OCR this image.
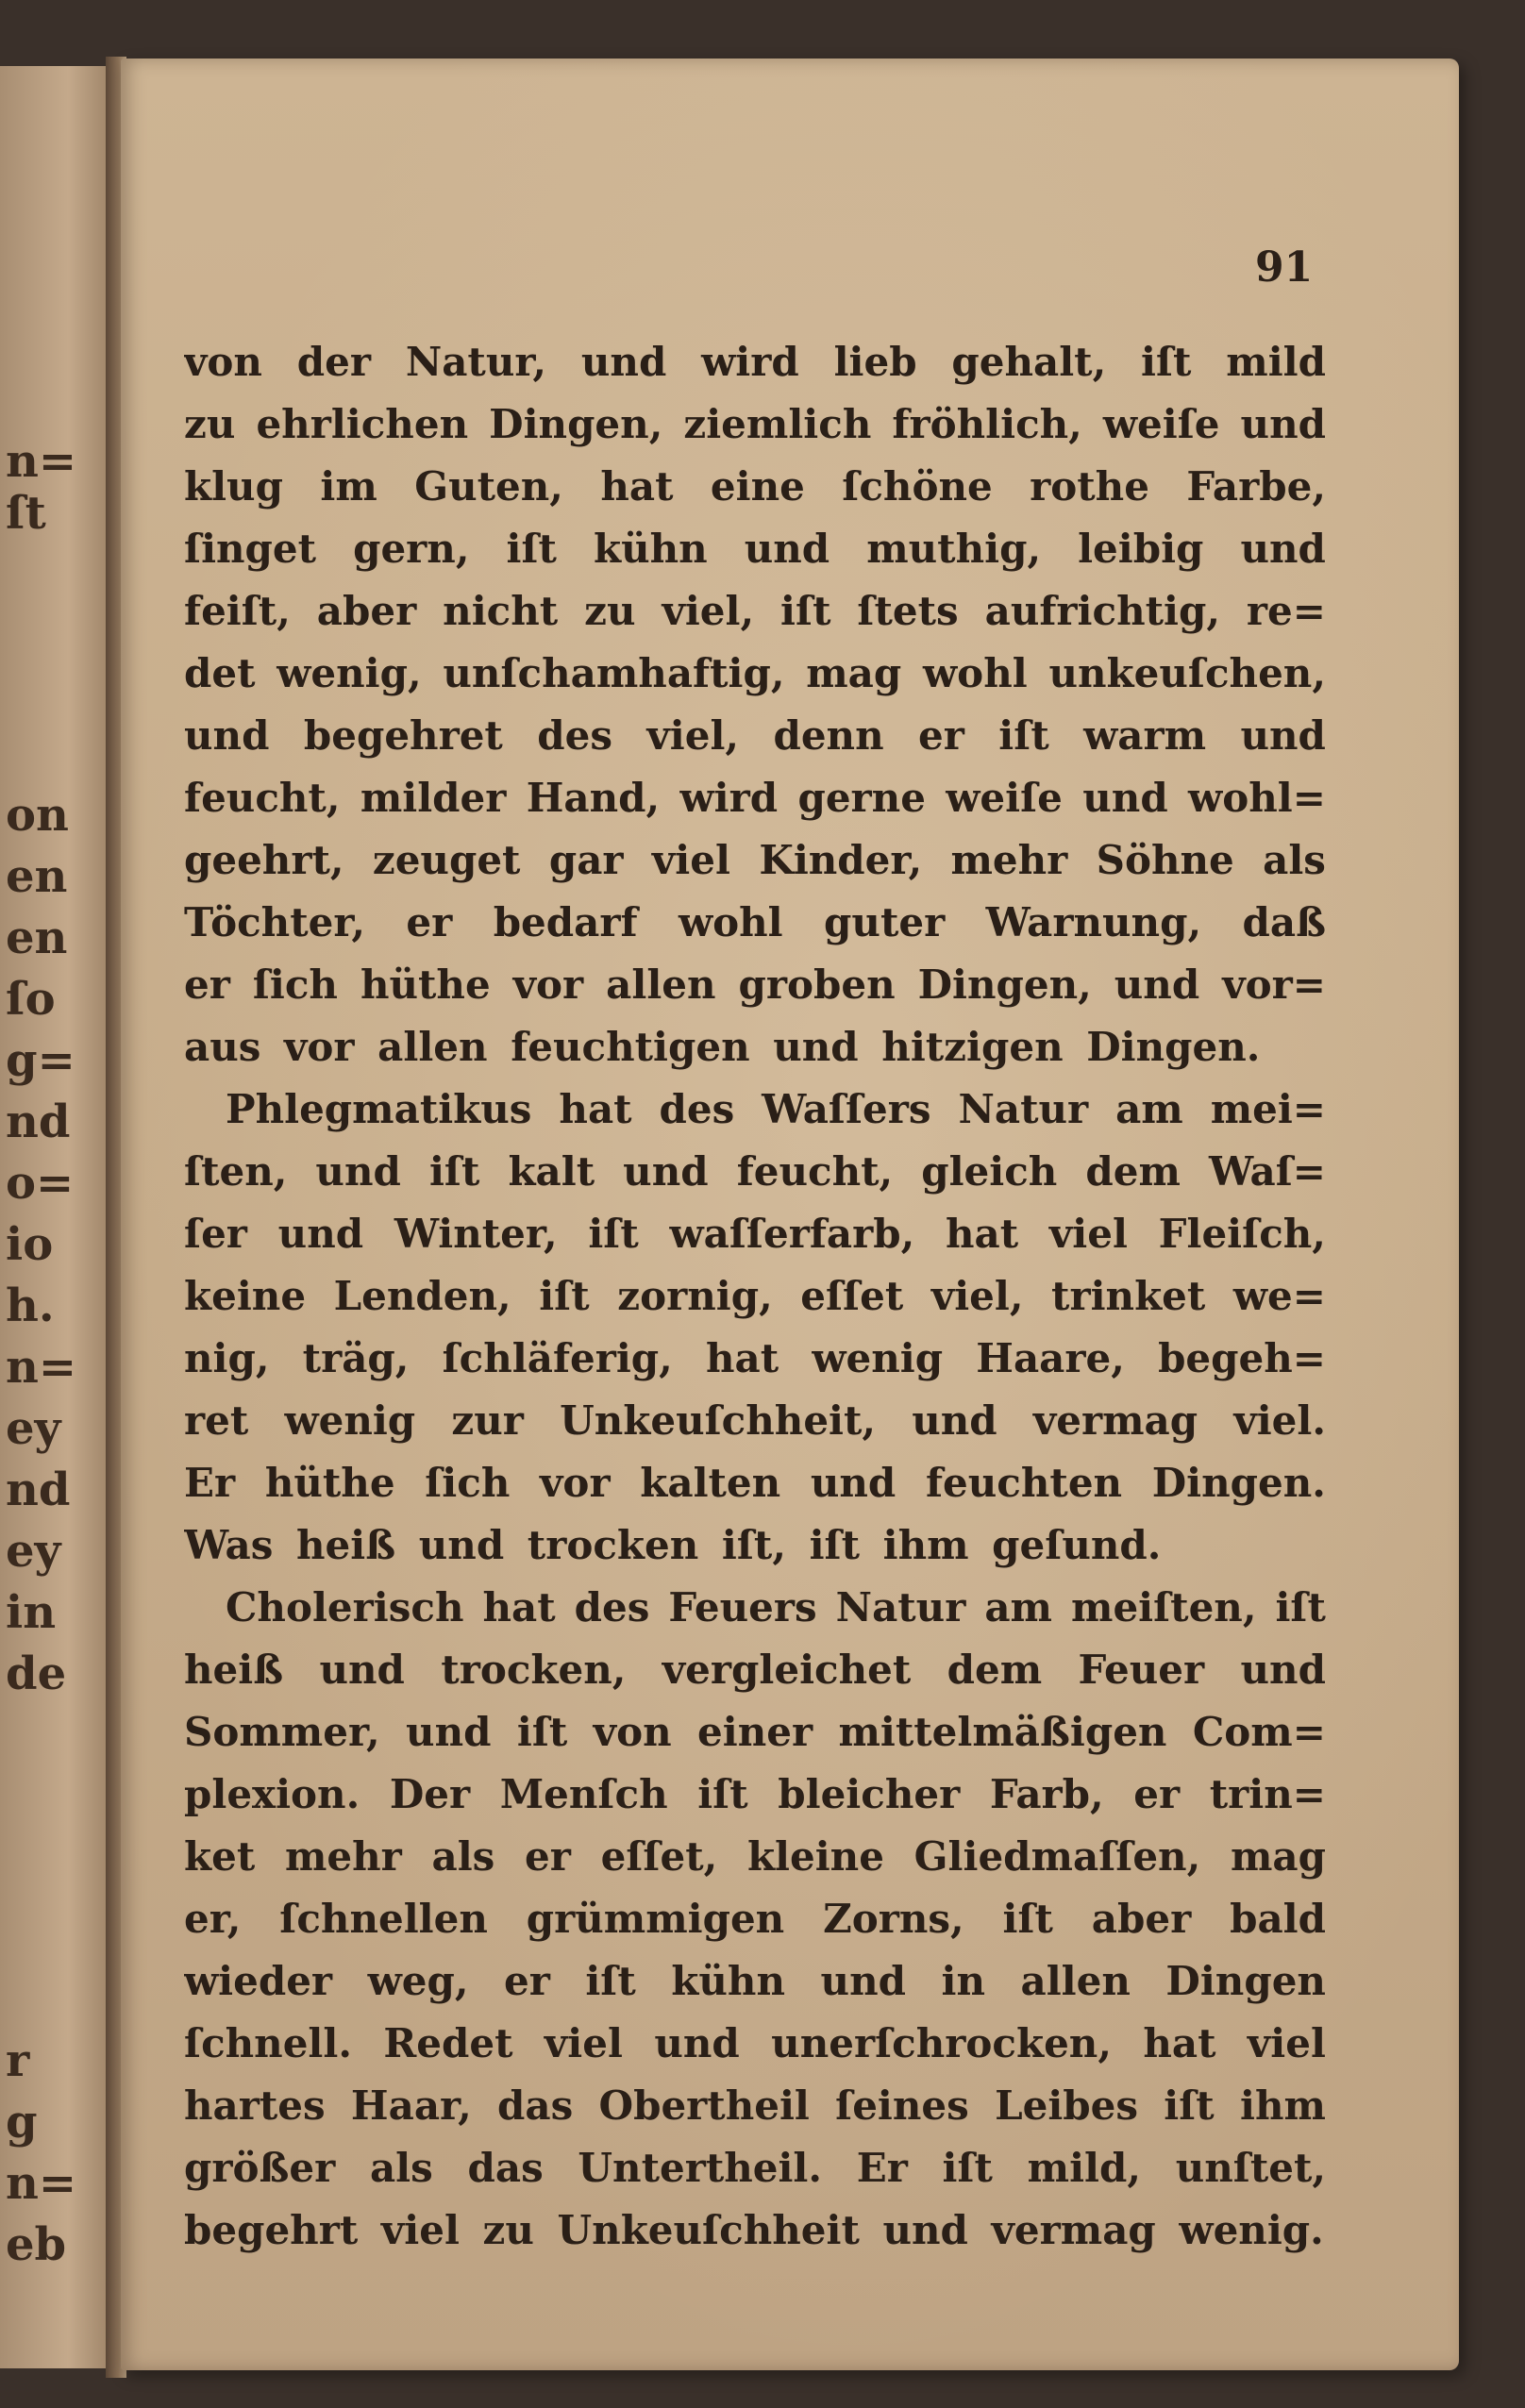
n=
ſt
on
en
en
ſo
g=
nd
o=
io
h.
n=
ey
nd
ey
in
de
r
g
n=
eb
91
von der Natur, und wird lieb gehalt, iſt mild
zu ehrlichen Dingen, ziemlich fröhlich, weiſe und
klug im Guten, hat eine ſchöne rothe Farbe,
ſinget gern, iſt kühn und muthig, leibig und
feiſt, aber nicht zu viel, iſt ſtets aufrichtig, re=
det wenig, unſchamhaftig, mag wohl unkeuſchen,
und begehret des viel, denn er iſt warm und
feucht, milder Hand, wird gerne weiſe und wohl=
geehrt, zeuget gar viel Kinder, mehr Söhne als
Töchter, er bedarf wohl guter Warnung, daß
er ſich hüthe vor allen groben Dingen, und vor=
aus vor allen feuchtigen und hitzigen Dingen.
Phlegmatikus hat des Waſſers Natur am mei=
ſten, und iſt kalt und feucht, gleich dem Waſ=
ſer und Winter, iſt waſſerfarb, hat viel Fleiſch,
keine Lenden, iſt zornig, eſſet viel, trinket we=
nig, träg, ſchläferig, hat wenig Haare, begeh=
ret wenig zur Unkeuſchheit, und vermag viel.
Er hüthe ſich vor kalten und feuchten Dingen.
Was heiß und trocken iſt, iſt ihm geſund.
Cholerisch hat des Feuers Natur am meiſten, iſt
heiß und trocken, vergleichet dem Feuer und
Sommer, und iſt von einer mittelmäßigen Com=
plexion. Der Menſch iſt bleicher Farb, er trin=
ket mehr als er eſſet, kleine Gliedmaſſen, mag
er, ſchnellen grümmigen Zorns, iſt aber bald
wieder weg, er iſt kühn und in allen Dingen
ſchnell. Redet viel und unerſchrocken, hat viel
hartes Haar, das Obertheil ſeines Leibes iſt ihm
größer als das Untertheil. Er iſt mild, unſtet,
begehrt viel zu Unkeuſchheit und vermag wenig.
